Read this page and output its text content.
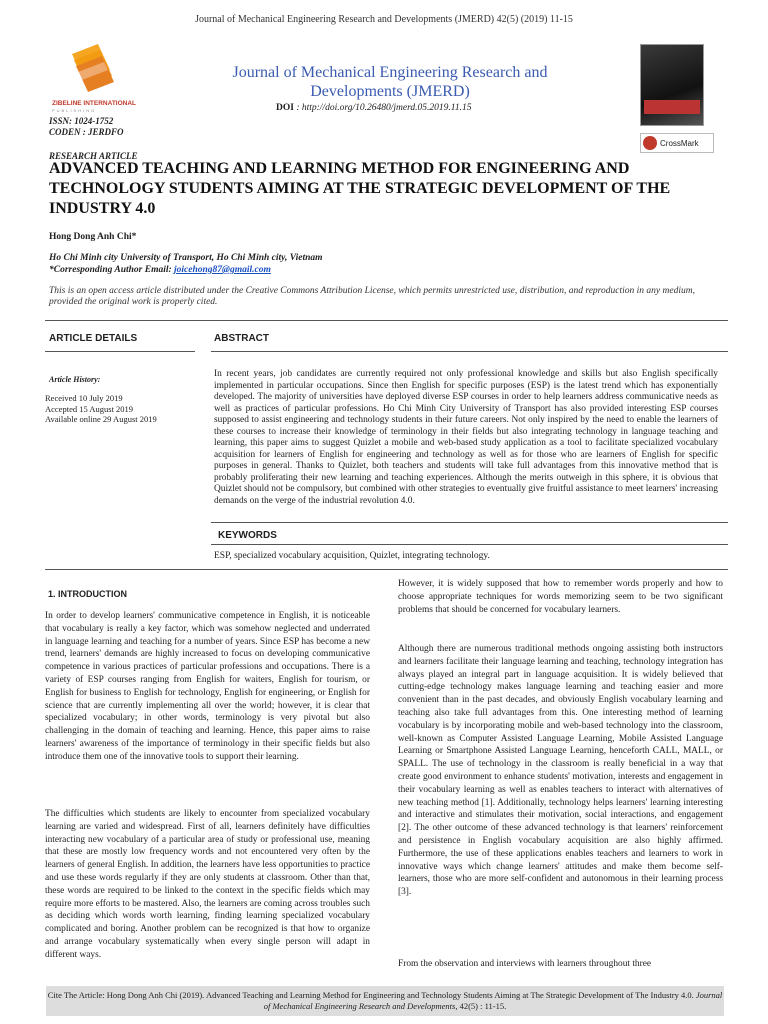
Journal of Mechanical Engineering Research and Developments (JMERD) 42(5) (2019) 11-15
ZIBELINE INTERNATIONAL
PUBLISHING
Journal of Mechanical Engineering Research and Developments (JMERD)
DOI : http://doi.org/10.26480/jmerd.05.2019.11.15
ISSN: 1024-1752
CODEN : JERDFO
CrossMark
RESEARCH ARTICLE
ADVANCED TEACHING AND LEARNING METHOD FOR ENGINEERING AND TECHNOLOGY STUDENTS AIMING AT THE STRATEGIC DEVELOPMENT OF THE INDUSTRY 4.0
Hong Dong Anh Chi*
Ho Chi Minh city University of Transport, Ho Chi Minh city, Vietnam
*Corresponding Author Email: joicehong87@gmail.com
This is an open access article distributed under the Creative Commons Attribution License, which permits unrestricted use, distribution, and reproduction in any medium, provided the original work is properly cited.
ARTICLE DETAILS	ABSTRACT
Article History:
Received 10 July 2019
Accepted 15 August 2019
Available online 29 August 2019
In recent years, job candidates are currently required not only professional knowledge and skills but also English specifically implemented in particular occupations. Since then English for specific purposes (ESP) is the latest trend which has exponentially developed. The majority of universities have deployed diverse ESP courses in order to help learners address communicative needs as well as practices of particular professions. Ho Chi Minh City University of Transport has also provided interesting ESP courses supposed to assist engineering and technology students in their future careers. Not only inspired by the need to enable the learners of these courses to increase their knowledge of terminology in their fields but also integrating technology in language teaching and learning, this paper aims to suggest Quizlet a mobile and web-based study application as a tool to facilitate specialized vocabulary acquisition for learners of English for engineering and technology as well as for those who are learners of English for specific purposes in general. Thanks to Quizlet, both teachers and students will take full advantages from this innovative method that is probably proliferating their new learning and teaching experiences. Although the merits outweigh in this sphere, it is obvious that Quizlet should not be compulsory, but combined with other strategies to eventually give fruitful assistance to meet learners' increasing demands on the verge of the industrial revolution 4.0.
KEYWORDS
ESP, specialized vocabulary acquisition, Quizlet, integrating technology.
1. INTRODUCTION
In order to develop learners' communicative competence in English, it is noticeable that vocabulary is really a key factor, which was somehow neglected and underrated in language learning and teaching for a number of years. Since ESP has become a new trend, learners' demands are highly increased to focus on developing communicative competence in various practices of particular professions and occupations. There is a variety of ESP courses ranging from English for waiters, English for tourism, or English for business to English for technology, English for engineering, or English for science that are currently implementing all over the world; however, it is clear that specialized vocabulary; in other words, terminology is very pivotal but also challenging in the domain of teaching and learning. Hence, this paper aims to raise learners' awareness of the importance of terminology in their specific fields but also introduce them one of the innovative tools to support their learning.
The difficulties which students are likely to encounter from specialized vocabulary learning are varied and widespread. First of all, learners definitely have difficulties interacting new vocabulary of a particular area of study or professional use, meaning that these are mostly low frequency words and not encountered very often by the learners of general English. In addition, the learners have less opportunities to practice and use these words regularly if they are only students at classroom. Other than that, these words are required to be linked to the context in the specific fields which may require more efforts to be mastered. Also, the learners are coming across troubles such as deciding which words worth learning, finding learning specialized vocabulary complicated and boring. Another problem can be recognized is that how to organize and arrange vocabulary systematically when every single person will adapt in different ways.
However, it is widely supposed that how to remember words properly and how to choose appropriate techniques for words memorizing seem to be two significant problems that should be concerned for vocabulary learners.
Although there are numerous traditional methods ongoing assisting both instructors and learners facilitate their language learning and teaching, technology integration has always played an integral part in language acquisition. It is widely believed that cutting-edge technology makes language learning and teaching easier and more convenient than in the past decades, and obviously English vocabulary learning and teaching also take full advantages from this. One interesting method of learning vocabulary is by incorporating mobile and web-based technology into the classroom, well-known as Computer Assisted Language Learning, Mobile Assisted Language Learning or Smartphone Assisted Language Learning, henceforth CALL, MALL, or SPALL. The use of technology in the classroom is really beneficial in a way that create good environment to enhance students' motivation, interests and engagement in their vocabulary learning as well as enables teachers to interact with alternatives of new teaching method [1]. Additionally, technology helps learners' learning interesting and interactive and stimulates their motivation, social interactions, and engagement [2]. The other outcome of these advanced technology is that learners' reinforcement and persistence in English vocabulary acquisition are also highly affirmed. Furthermore, the use of these applications enables teachers and learners to work in innovative ways which change learners' attitudes and make them become self-learners, those who are more self-confident and autonomous in their learning process [3].
From the observation and interviews with learners throughout three
Cite The Article: Hong Dong Anh Chi (2019). Advanced Teaching and Learning Method for Engineering and Technology Students Aiming at The Strategic Development of The Industry 4.0. Journal of Mechanical Engineering Research and Developments, 42(5) : 11-15.
